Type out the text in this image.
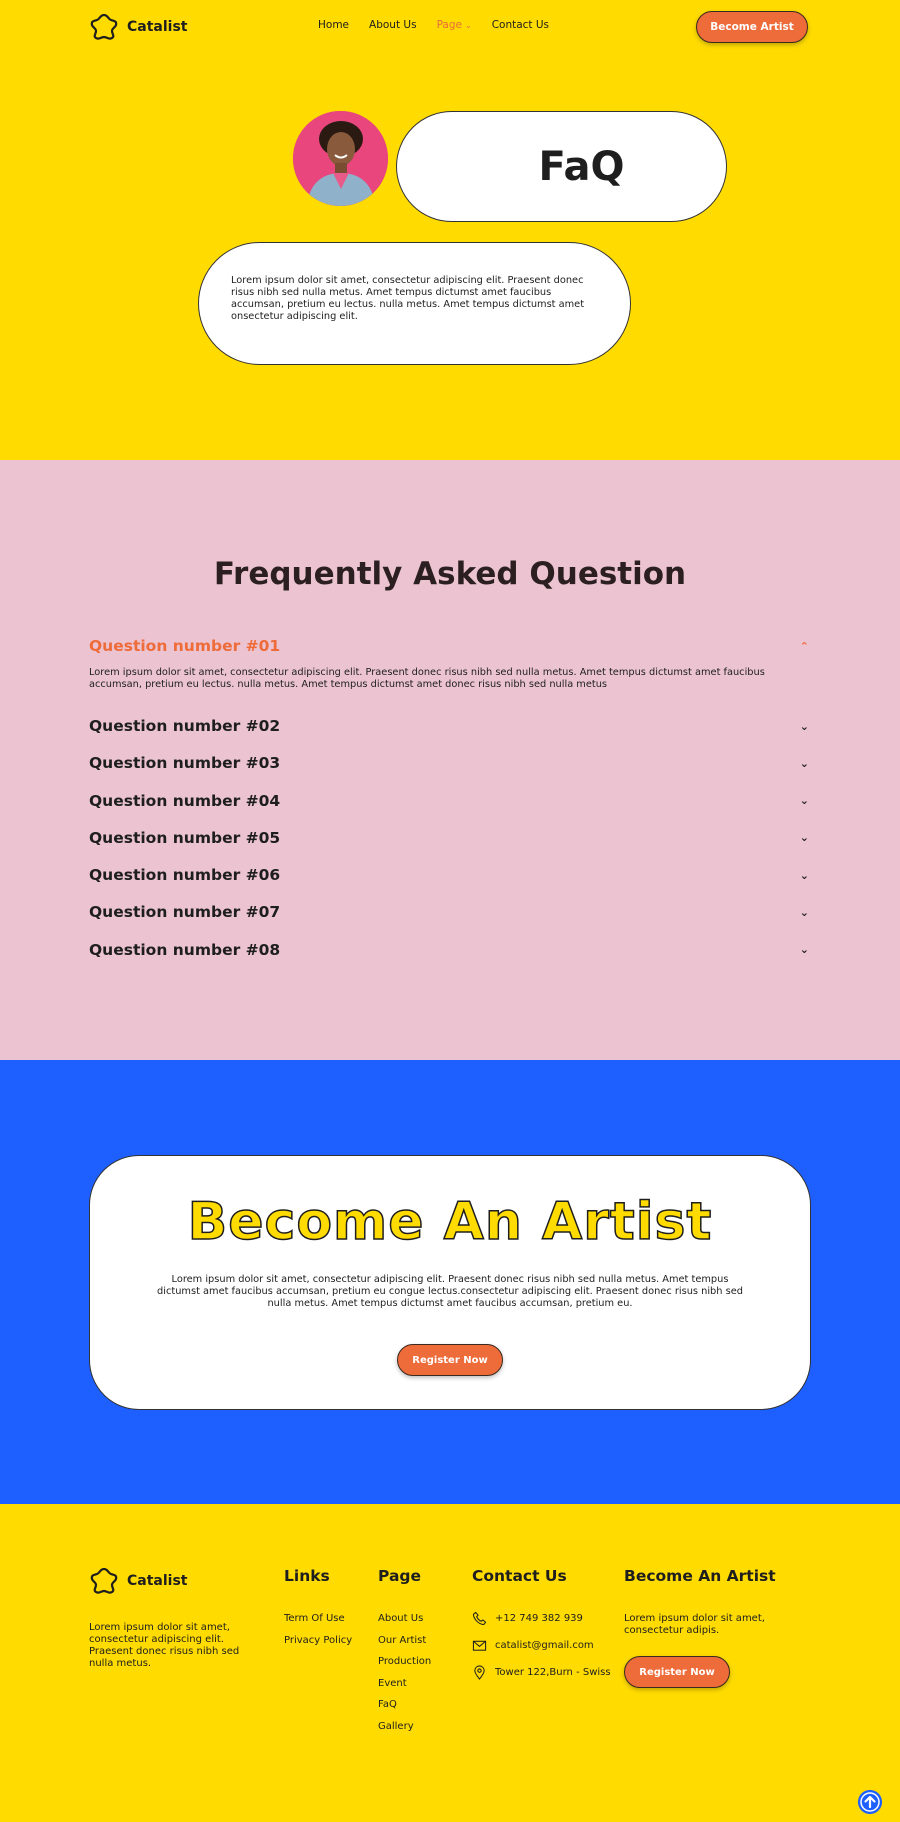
Catalist	Home About Us Page ⌄ Contact Us	Become Artist
FaQ

Lorem ipsum dolor sit amet, consectetur adipiscing elit. Praesent donec risus nibh sed nulla metus. Amet tempus dictumst amet faucibus accumsan, pretium eu lectus. nulla metus. Amet tempus dictumst amet onsectetur adipiscing elit.

Frequently Asked Question
Question number #01	⌃

Lorem ipsum dolor sit amet, consectetur adipiscing elit. Praesent donec risus nibh sed nulla metus. Amet tempus dictumst amet faucibus accumsan, pretium eu lectus. nulla metus. Amet tempus dictumst amet donec risus nibh sed nulla metus

Question number #02	⌄
Question number #03	⌄
Question number #04	⌄
Question number #05	⌄
Question number #06	⌄
Question number #07	⌄
Question number #08	⌄
Become An Artist

Lorem ipsum dolor sit amet, consectetur adipiscing elit. Praesent donec risus nibh sed nulla metus. Amet tempus dictumst amet faucibus accumsan, pretium eu congue lectus.consectetur adipiscing elit. Praesent donec risus nibh sed nulla metus. Amet tempus dictumst amet faucibus accumsan, pretium eu.

Register Now
Catalist

Lorem ipsum dolor sit amet, consectetur adipiscing elit. Praesent donec risus nibh sed nulla metus.

Links
Term Of Use
Privacy Policy
Page
About Us
Our Artist
Production
Event
FaQ
Gallery
Contact Us
+12 749 382 939
catalist@gmail.com
Tower 122,Burn - Swiss
Become An Artist

Lorem ipsum dolor sit amet, consectetur adipis.

Register Now
